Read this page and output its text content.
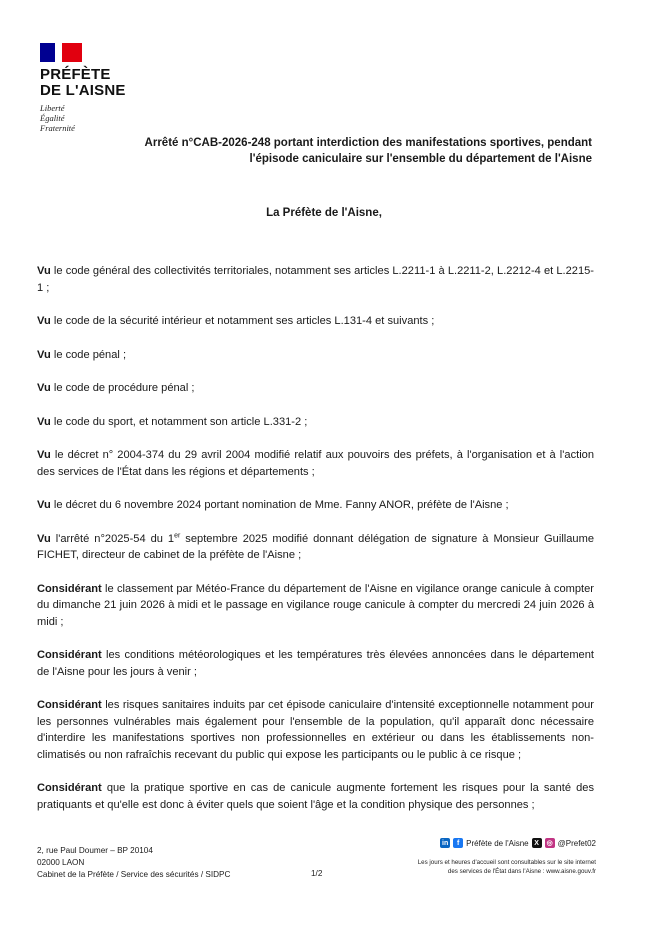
PRÉFÈTE
DE L'AISNE
Liberté
Égalité
Fraternité
Arrêté n°CAB-2026-248 portant interdiction des manifestations sportives, pendant
l'épisode caniculaire sur l'ensemble du département de l'Aisne
La Préfète de l'Aisne,

Vu le code général des collectivités territoriales, notamment ses articles L.2211-1 à L.2211-2, L.2212-4 et L.2215-1 ;

Vu le code de la sécurité intérieur et notamment ses articles L.131-4 et suivants ;

Vu le code pénal ;

Vu le code de procédure pénal ;

Vu le code du sport, et notamment son article L.331-2 ;

Vu le décret n° 2004-374 du 29 avril 2004 modifié relatif aux pouvoirs des préfets, à l'organisation et à l'action des services de l'État dans les régions et départements ;

Vu le décret du 6 novembre 2024 portant nomination de Mme. Fanny ANOR, préfète de l'Aisne ;

Vu l'arrêté n°2025-54 du 1er septembre 2025 modifié donnant délégation de signature à Monsieur Guillaume FICHET, directeur de cabinet de la préfète de l'Aisne ;

Considérant le classement par Météo-France du département de l'Aisne en vigilance orange canicule à compter du dimanche 21 juin 2026 à midi et le passage en vigilance rouge canicule à compter du mercredi 24 juin 2026 à midi ;

Considérant les conditions météorologiques et les températures très élevées annoncées dans le département de l'Aisne pour les jours à venir ;

Considérant les risques sanitaires induits par cet épisode caniculaire d'intensité exceptionnelle notamment pour les personnes vulnérables mais également pour l'ensemble de la population, qu'il apparaît donc nécessaire d'interdire les manifestations sportives non professionnelles en extérieur ou dans les établissements non-climatisés ou non rafraîchis recevant du public qui expose les participants ou le public à ce risque ;

Considérant que la pratique sportive en cas de canicule augmente fortement les risques pour la santé des pratiquants et qu'elle est donc à éviter quels que soient l'âge et la condition physique des personnes ;

2, rue Paul Doumer – BP 20104
02000 LAON
Cabinet de la Préfète / Service des sécurités / SIDPC	1/2
in	f Préfète de l'Aisne X	◎ @Prefet02
Les jours et heures d'accueil sont consultables sur le site internet
des services de l'État dans l'Aisne : www.aisne.gouv.fr
